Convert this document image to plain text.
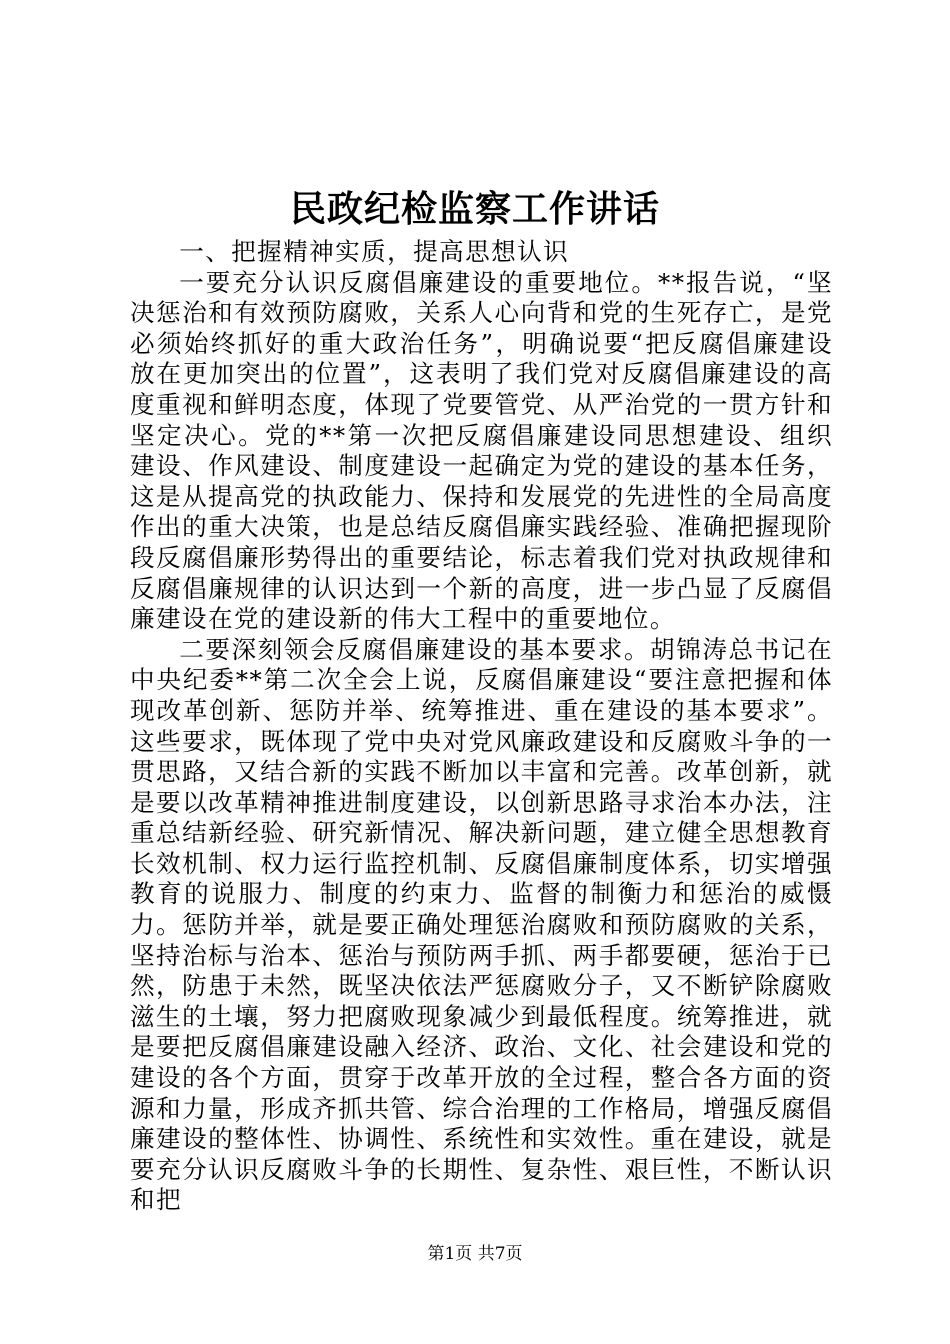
民政纪检监察工作讲话

一、把握精神实质，提高思想认识

一要充分认识反腐倡廉建设的重要地位。**报告说，“坚决惩治和有效预防腐败，关系人心向背和党的生死存亡，是党必须始终抓好的重大政治任务”，明确说要“把反腐倡廉建设放在更加突出的位置”，这表明了我们党对反腐倡廉建设的高度重视和鲜明态度，体现了党要管党、从严治党的一贯方针和坚定决心。党的**第一次把反腐倡廉建设同思想建设、组织建设、作风建设、制度建设一起确定为党的建设的基本任务，这是从提高党的执政能力、保持和发展党的先进性的全局高度作出的重大决策，也是总结反腐倡廉实践经验、准确把握现阶段反腐倡廉形势得出的重要结论，标志着我们党对执政规律和反腐倡廉规律的认识达到一个新的高度，进一步凸显了反腐倡廉建设在党的建设新的伟大工程中的重要地位。

二要深刻领会反腐倡廉建设的基本要求。胡锦涛总书记在中央纪委**第二次全会上说，反腐倡廉建设“要注意把握和体现改革创新、惩防并举、统筹推进、重在建设的基本要求”。这些要求，既体现了党中央对党风廉政建设和反腐败斗争的一贯思路，又结合新的实践不断加以丰富和完善。改革创新，就是要以改革精神推进制度建设，以创新思路寻求治本办法，注重总结新经验、研究新情况、解决新问题，建立健全思想教育长效机制、权力运行监控机制、反腐倡廉制度体系，切实增强教育的说服力、制度的约束力、监督的制衡力和惩治的威慑力。惩防并举，就是要正确处理惩治腐败和预防腐败的关系，坚持治标与治本、惩治与预防两手抓、两手都要硬，惩治于已然，防患于未然，既坚决依法严惩腐败分子，又不断铲除腐败滋生的土壤，努力把腐败现象减少到最低程度。统筹推进，就是要把反腐倡廉建设融入经济、政治、文化、社会建设和党的建设的各个方面，贯穿于改革开放的全过程，整合各方面的资源和力量，形成齐抓共管、综合治理的工作格局，增强反腐倡廉建设的整体性、协调性、系统性和实效性。重在建设，就是要充分认识反腐败斗争的长期性、复杂性、艰巨性，不断认识和把

第1页 共7页
